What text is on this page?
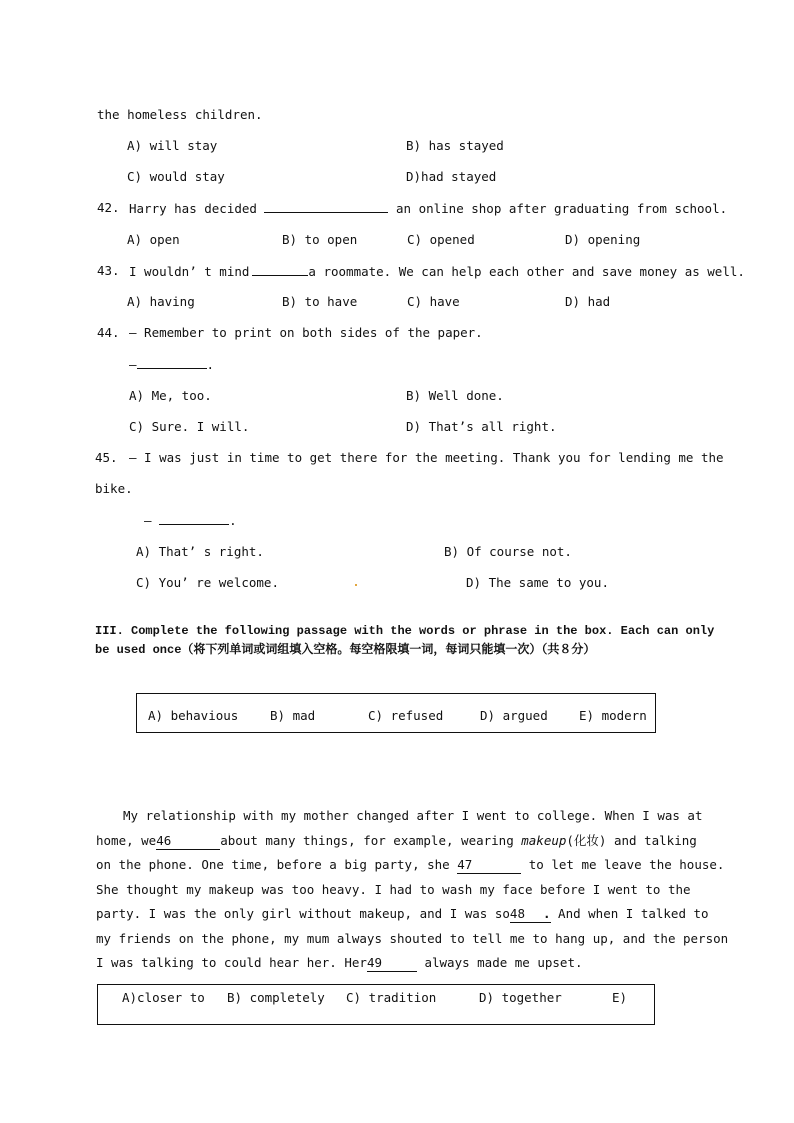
the homeless children.
A) will stay	B) has stayed
C) would stay	D)had stayed
42. Harry has decided	an online shop after graduating from school.
A) open	B) to open	C) opened	D) opening
43. I wouldn’ t mind	a roommate. We can help each other and save money as well.
A) having	B) to have	C) have	D) had
44. — Remember to print on both sides of the paper.
—	.
A) Me, too.	B) Well done.
C) Sure. I will.	D) That’s all right.
45. — I was just in time to get there for the meeting. Thank you for lending me the
bike.
—	.
A) That’ s right.	B) Of course not.
C) You’ re welcome.	D) The same to you.
III. Complete the following passage with the words or phrase in the box. Each can only
be used once（将下列单词或词组填入空格。每空格限填一词，每词只能填一次）（共８分）
A) behavious	B) mad	C) refused	D) argued	E) modern
My relationship with my mother changed after I went to college. When I was at
home, we46	about many things, for example, wearing makeup(化妆) and talking
on the phone. One time, before a big party, she 47	to let me leave the house.
She thought my makeup was too heavy. I had to wash my face before I went to the
party. I was the only girl without makeup, and I was so48 . And when I talked to
my friends on the phone, my mum always shouted to tell me to hang up, and the person
I was talking to could hear her. Her49	always made me upset.
A)closer to B) completely C) tradition	D) together	E)
